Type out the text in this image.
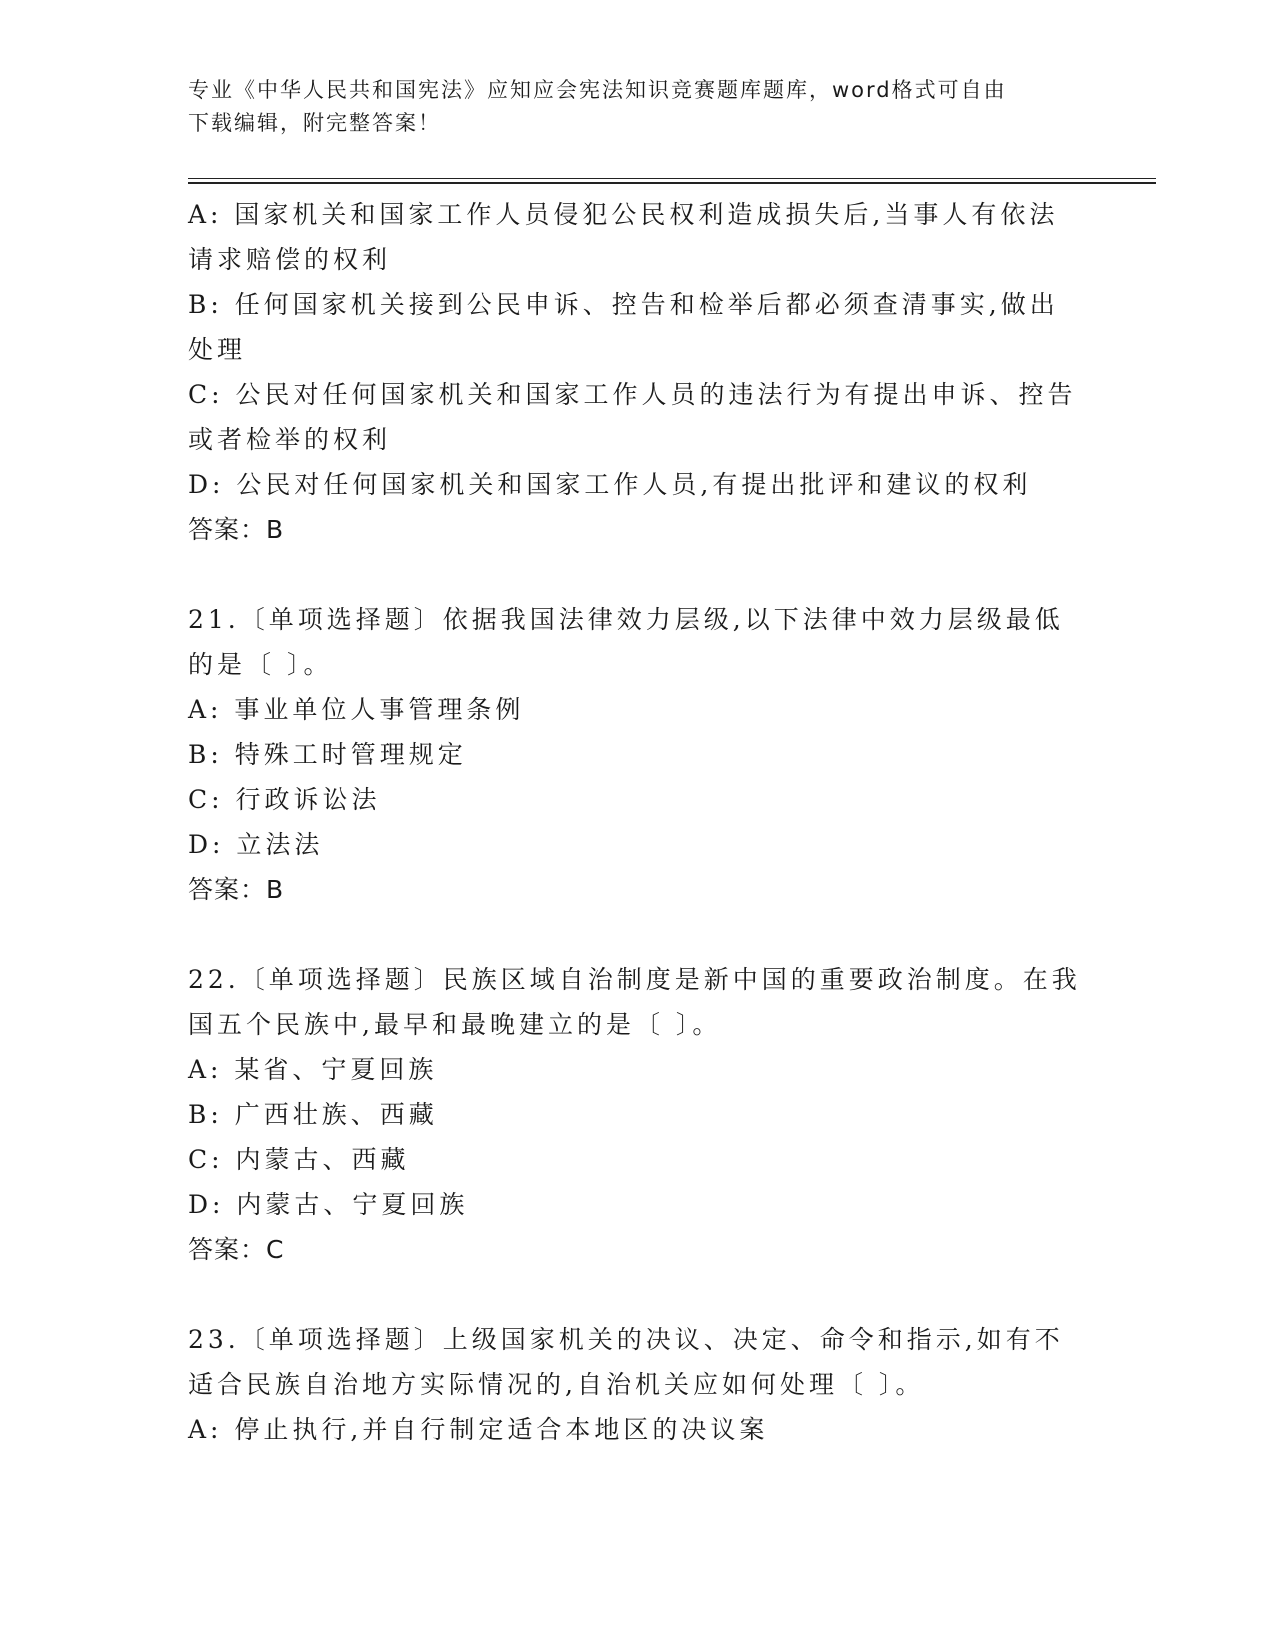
专业《中华人民共和国宪法》应知应会宪法知识竞赛题库题库，word格式可自由
下载编辑，附完整答案！
A: 国家机关和国家工作人员侵犯公民权利造成损失后,当事人有依法
请求赔偿的权利
B: 任何国家机关接到公民申诉、控告和检举后都必须查清事实,做出
处理
C: 公民对任何国家机关和国家工作人员的违法行为有提出申诉、控告
或者检举的权利
D: 公民对任何国家机关和国家工作人员,有提出批评和建议的权利
答案：B
21.〔单项选择题〕依据我国法律效力层级,以下法律中效力层级最低
的是〔 〕。
A: 事业单位人事管理条例
B: 特殊工时管理规定
C: 行政诉讼法
D: 立法法
答案：B
22.〔单项选择题〕民族区域自治制度是新中国的重要政治制度。在我
国五个民族中,最早和最晚建立的是〔 〕。
A: 某省、宁夏回族
B: 广西壮族、西藏
C: 内蒙古、西藏
D: 内蒙古、宁夏回族
答案：C
23.〔单项选择题〕上级国家机关的决议、决定、命令和指示,如有不
适合民族自治地方实际情况的,自治机关应如何处理〔 〕。
A: 停止执行,并自行制定适合本地区的决议案
